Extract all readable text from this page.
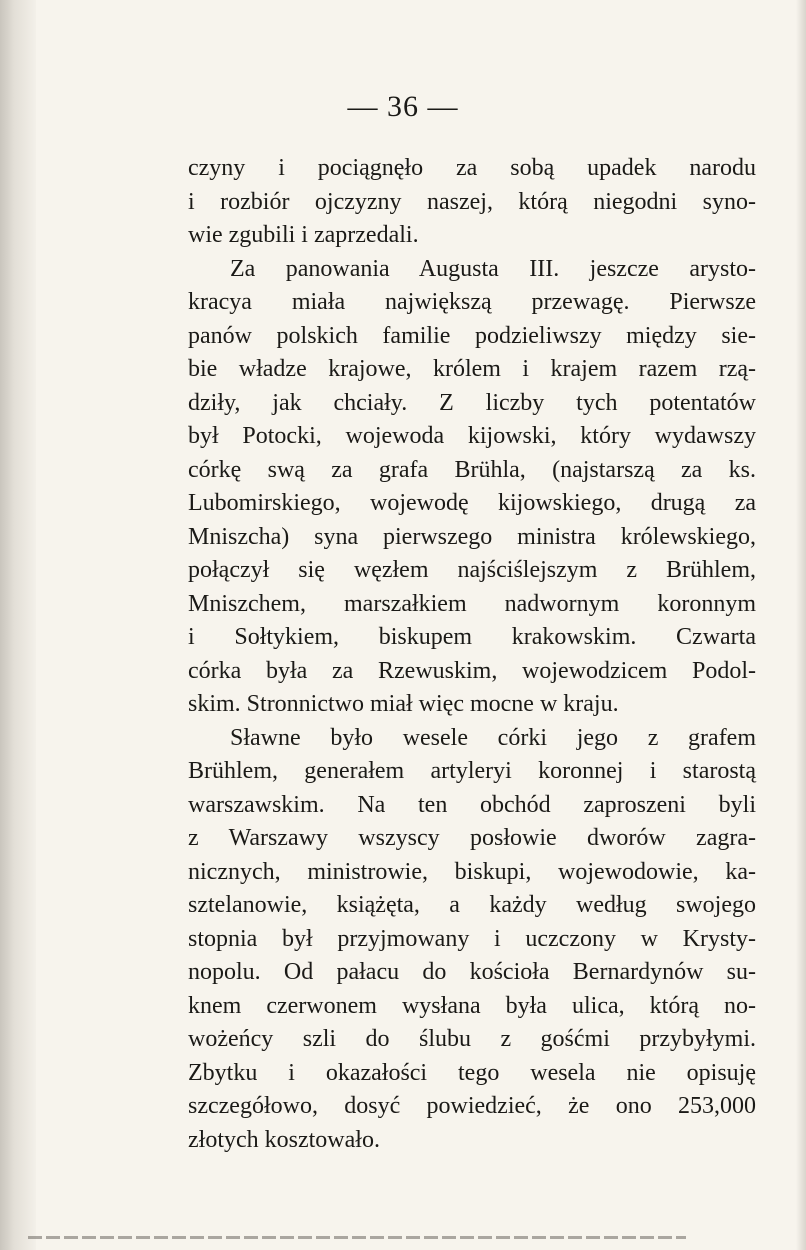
— 36 —
czyny i pociągnęło za sobą upadek narodu
i rozbiór ojczyzny naszej, którą niegodni syno-
wie zgubili i zaprzedali.
Za panowania Augusta III. jeszcze arysto-
kracya miała największą przewagę. Pierwsze
panów polskich familie podzieliwszy między sie-
bie władze krajowe, królem i krajem razem rzą-
dziły, jak chciały. Z liczby tych potentatów
był Potocki, wojewoda kijowski, który wydawszy
córkę swą za grafa Brühla, (najstarszą za ks.
Lubomirskiego, wojewodę kijowskiego, drugą za
Mniszcha) syna pierwszego ministra królewskiego,
połączył się węzłem najściślejszym z Brühlem,
Mniszchem, marszałkiem nadwornym koronnym
i Sołtykiem, biskupem krakowskim. Czwarta
córka była za Rzewuskim, wojewodzicem Podol-
skim. Stronnictwo miał więc mocne w kraju.
Sławne było wesele córki jego z grafem
Brühlem, generałem artyleryi koronnej i starostą
warszawskim. Na ten obchód zaproszeni byli
z Warszawy wszyscy posłowie dworów zagra-
nicznych, ministrowie, biskupi, wojewodowie, ka-
sztelanowie, książęta, a każdy według swojego
stopnia był przyjmowany i uczczony w Krysty-
nopolu. Od pałacu do kościoła Bernardynów su-
knem czerwonem wysłana była ulica, którą no-
wożeńcy szli do ślubu z gośćmi przybyłymi.
Zbytku i okazałości tego wesela nie opisuję
szczegółowo, dosyć powiedzieć, że ono 253,000
złotych kosztowało.
